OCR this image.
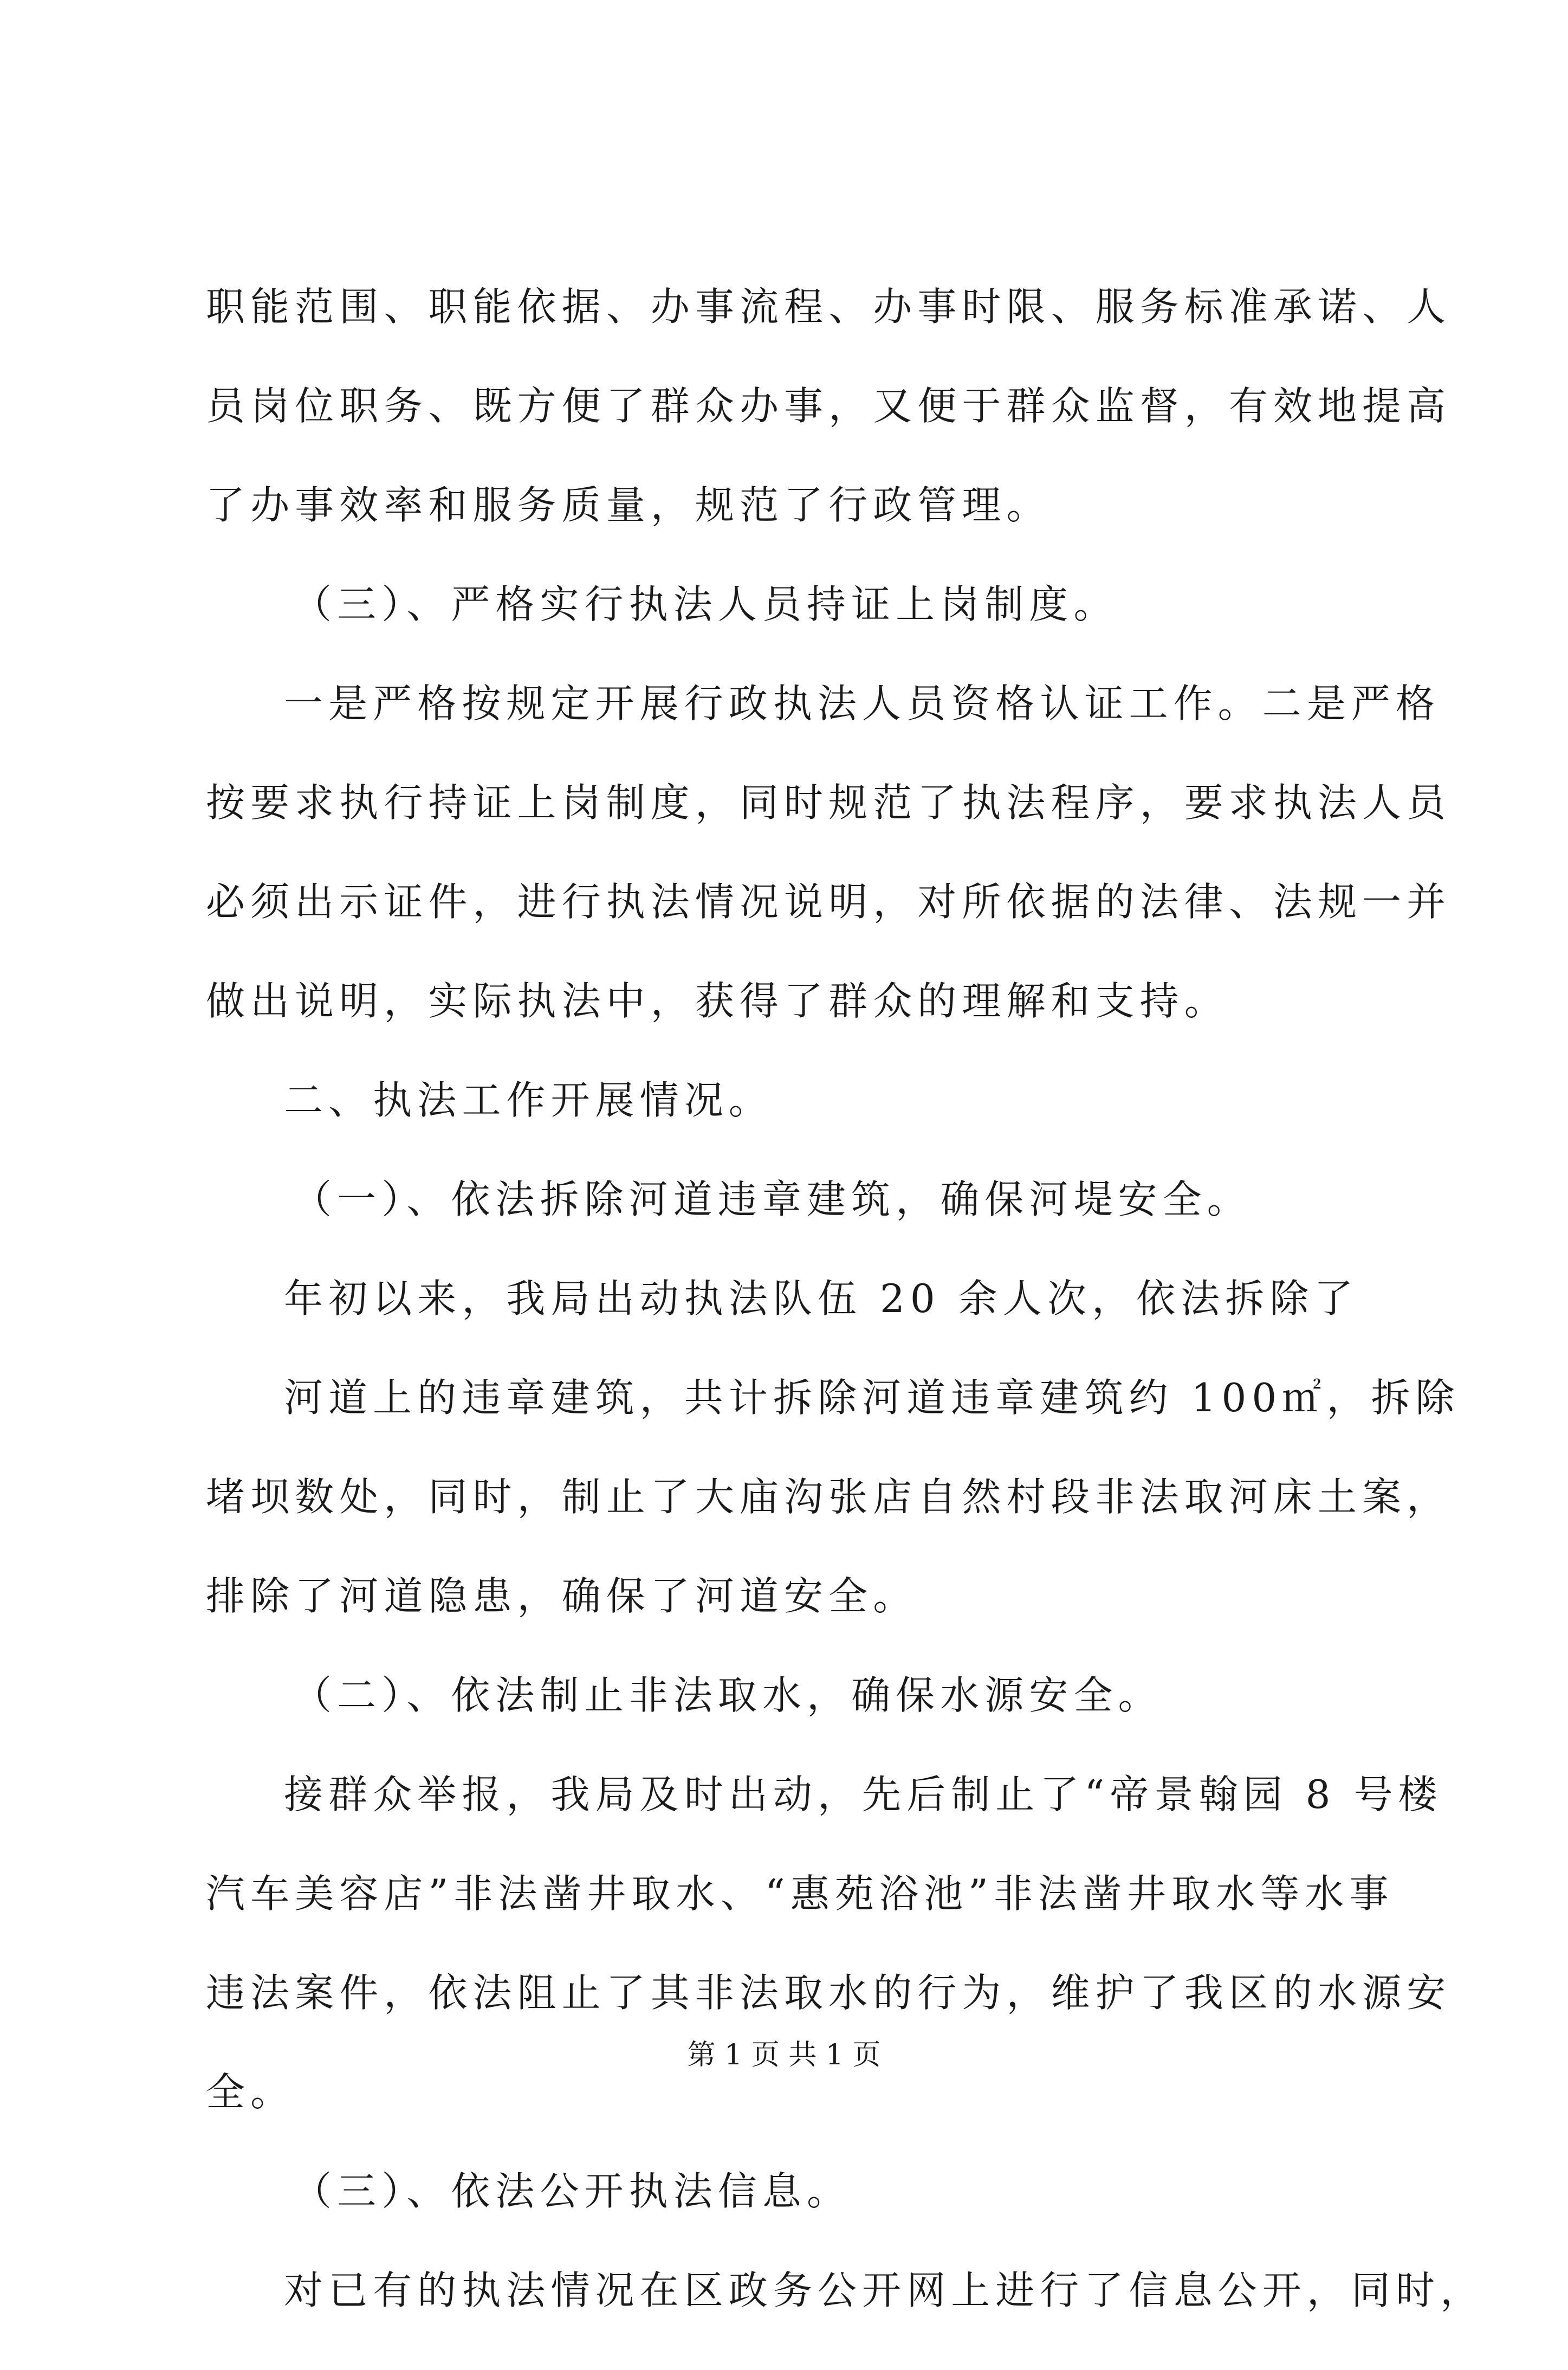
职能范围、职能依据、办事流程、办事时限、服务标准承诺、人
员岗位职务、既方便了群众办事，又便于群众监督，有效地提高
了办事效率和服务质量，规范了行政管理。
（三）、严格实行执法人员持证上岗制度。
一是严格按规定开展行政执法人员资格认证工作。二是严格
按要求执行持证上岗制度，同时规范了执法程序，要求执法人员
必须出示证件，进行执法情况说明，对所依据的法律、法规一并
做出说明，实际执法中，获得了群众的理解和支持。
二、执法工作开展情况。
（一）、依法拆除河道违章建筑，确保河堤安全。
年初以来，我局出动执法队伍 20 余人次，依法拆除了
河道上的违章建筑，共计拆除河道违章建筑约 100㎡，拆除
堵坝数处，同时，制止了大庙沟张店自然村段非法取河床土案，
排除了河道隐患，确保了河道安全。
（二）、依法制止非法取水，确保水源安全。
接群众举报，我局及时出动，先后制止了“帝景翰园 8 号楼
汽车美容店”非法凿井取水、“惠苑浴池”非法凿井取水等水事
违法案件，依法阻止了其非法取水的行为，维护了我区的水源安
全。
（三）、依法公开执法信息。
对已有的执法情况在区政务公开网上进行了信息公开，同时，
第 1 页 共 1 页
